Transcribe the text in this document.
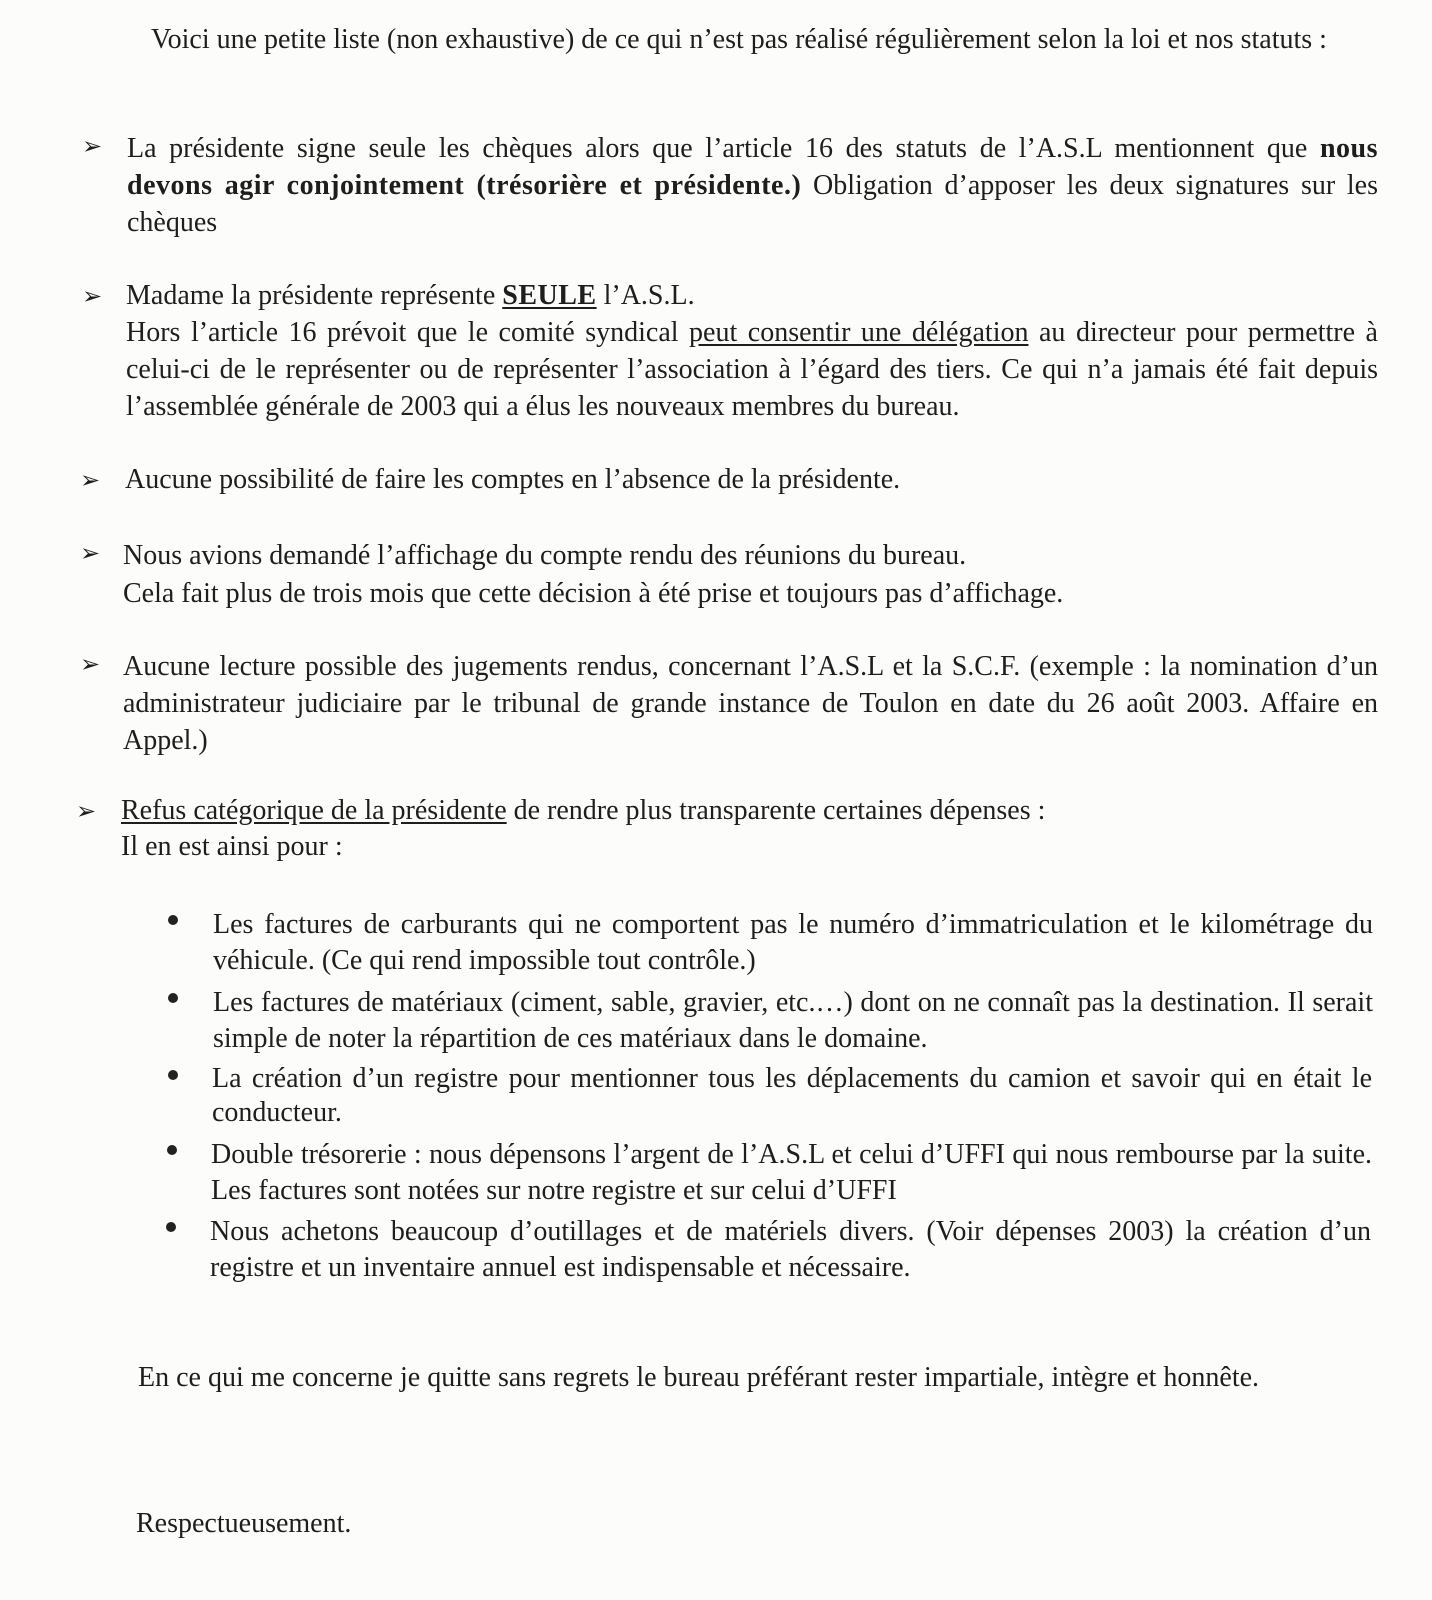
Voici une petite liste (non exhaustive) de ce qui n’est pas réalisé régulièrement selon la loi et nos statuts :
➢ La présidente signe seule les chèques alors que l’article 16 des statuts de l’A.S.L mentionnent que nous devons agir conjointement (trésorière et présidente.) Obligation d’apposer les deux signatures sur les chèques
➢ Madame la présidente représente SEULE l’A.S.L.
Hors l’article 16 prévoit que le comité syndical peut consentir une délégation au directeur pour permettre à celui-ci de le représenter ou de représenter l’association à l’égard des tiers. Ce qui n’a jamais été fait depuis l’assemblée générale de 2003 qui a élus les nouveaux membres du bureau.
➢ Aucune possibilité de faire les comptes en l’absence de la présidente.
➢ Nous avions demandé l’affichage du compte rendu des réunions du bureau.
Cela fait plus de trois mois que cette décision à été prise et toujours pas d’affichage.
➢ Aucune lecture possible des jugements rendus, concernant l’A.S.L et la S.C.F. (exemple : la nomination d’un administrateur judiciaire par le tribunal de grande instance de Toulon en date du 26 août 2003. Affaire en Appel.)
➢ Refus catégorique de la présidente de rendre plus transparente certaines dépenses :
Il en est ainsi pour :
Les factures de carburants qui ne comportent pas le numéro d’immatriculation et le kilométrage du véhicule. (Ce qui rend impossible tout contrôle.)
Les factures de matériaux (ciment, sable, gravier, etc.…) dont on ne connaît pas la destination. Il serait simple de noter la répartition de ces matériaux dans le domaine.
La création d’un registre pour mentionner tous les déplacements du camion et savoir qui en était le conducteur.
Double trésorerie : nous dépensons l’argent de l’A.S.L et celui d’UFFI qui nous rembourse par la suite. Les factures sont notées sur notre registre et sur celui d’UFFI
Nous achetons beaucoup d’outillages et de matériels divers. (Voir dépenses 2003) la création d’un registre et un inventaire annuel est indispensable et nécessaire.
En ce qui me concerne je quitte sans regrets le bureau préférant rester impartiale, intègre et honnête.
Respectueusement.
